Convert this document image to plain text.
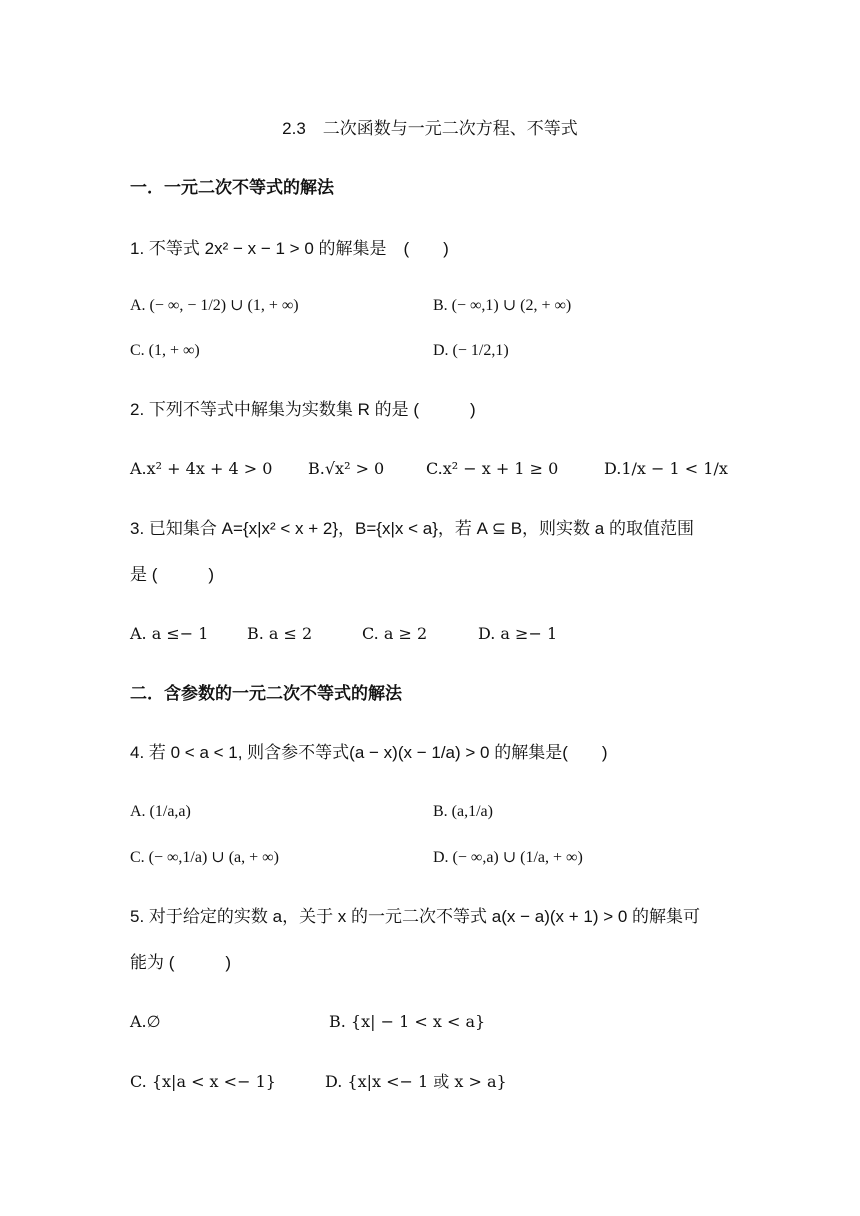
2.3　二次函数与一元二次方程、不等式
一．一元二次不等式的解法
1. 不等式 2x² − x − 1 > 0 的解集是　(　　)
A. (− ∞, − 1/2) ∪ (1, + ∞)	B. (− ∞,1) ∪ (2, + ∞)
C. (1, + ∞)	D. (− 1/2,1)
2. 下列不等式中解集为实数集 R 的是 (　　　)
A.x² + 4x + 4 > 0 B.√x² > 0	C.x² − x + 1 ≥ 0	D.1/x − 1 < 1/x
3. 已知集合 A={x|x² < x + 2}，B={x|x < a}，若 A ⊆ B，则实数 a 的取值范围
是 (　　　)
A. a ≤− 1 B. a ≤ 2	C. a ≥ 2	D. a ≥− 1
二．含参数的一元二次不等式的解法
4. 若 0 < a < 1, 则含参不等式(a − x)(x − 1/a) > 0 的解集是(　　)
A. (1/a,a)	B. (a,1/a)
C. (− ∞,1/a) ∪ (a, + ∞)	D. (− ∞,a) ∪ (1/a, + ∞)
5. 对于给定的实数 a，关于 x 的一元二次不等式 a(x − a)(x + 1) > 0 的解集可
能为 (　　　)
A.∅	B. {x| − 1 < x < a}
C. {x|a < x <− 1}	D. {x|x <− 1 或 x > a}
